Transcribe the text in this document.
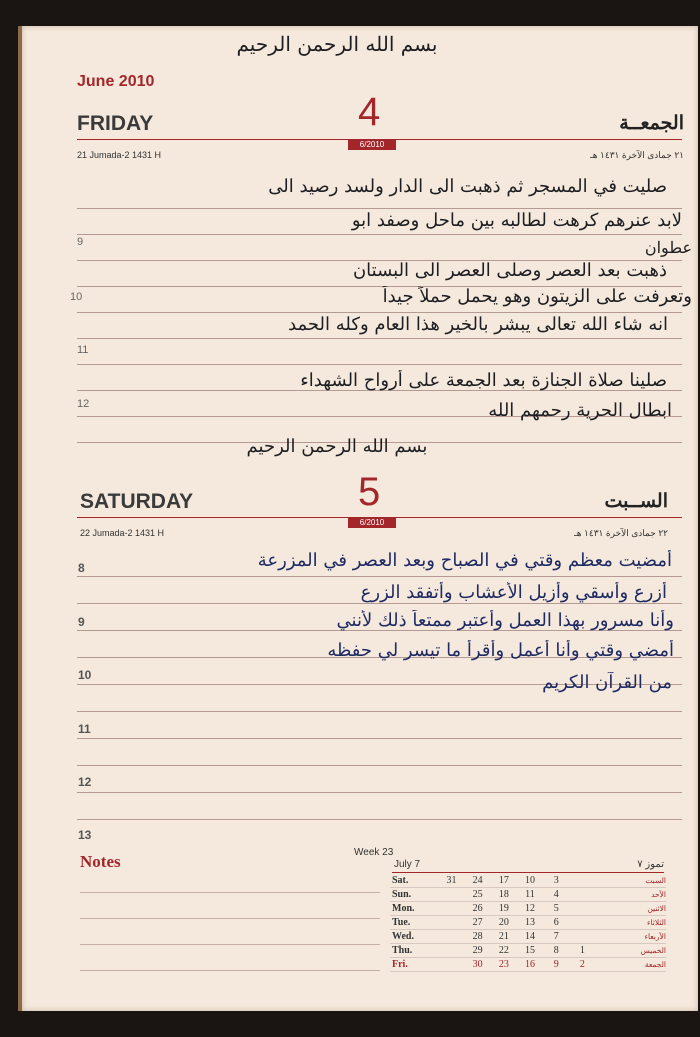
بسم الله الرحمن الرحيم
June 2010
FRIDAY	4	الجمعــة
6/2010
21 Jumada-2 1431 H	٢١ جمادى الآخرة ١٤٣١ هـ
9
10
11
12
صليت في المسجر ثم ذهبت الى الدار ولسد رصيد الى
لابد عنرهم كرهت لطالبه بين ماحل وصفد ابو
عطوان
ذهبت بعد العصر وصلى العصر الى البستان
وتعرفت على الزيتون وهو يحمل حملاً جيداً
انه شاء الله تعالى يبشر بالخير هذا العام وكله الحمد
صلينا صلاة الجنازة بعد الجمعة على أرواح الشهداء
ابطال الحرية رحمهم الله
بسم الله الرحمن الرحيم
SATURDAY	5	الســبت
6/2010
22 Jumada-2 1431 H	٢٢ جمادى الآخرة ١٤٣١ هـ
8
9
10
11
12
13
أمضيت معظم وقتي في الصباح وبعد العصر في المزرعة
أزرع وأسقي وأزيل الأعشاب وأتفقد الزرع
وأنا مسرور بهذا العمل وأعتبر ممتعاً ذلك لأنني
أمضي وقتي وأنا أعمل وأقرأ ما تيسر لي حفظه
من القرآن الكريم
Notes	Week 23
July 7	تموز ٧
Sat.	31	24	17	10	3		السبت
Sun.		25	18	11	4		الأحد
Mon.		26	19	12	5		الاثنين
Tue.		27	20	13	6		الثلاثاء
Wed.		28	21	14	7		الأربعاء
Thu.		29	22	15	8	1	الخميس
Fri.		30	23	16	9	2	الجمعة
